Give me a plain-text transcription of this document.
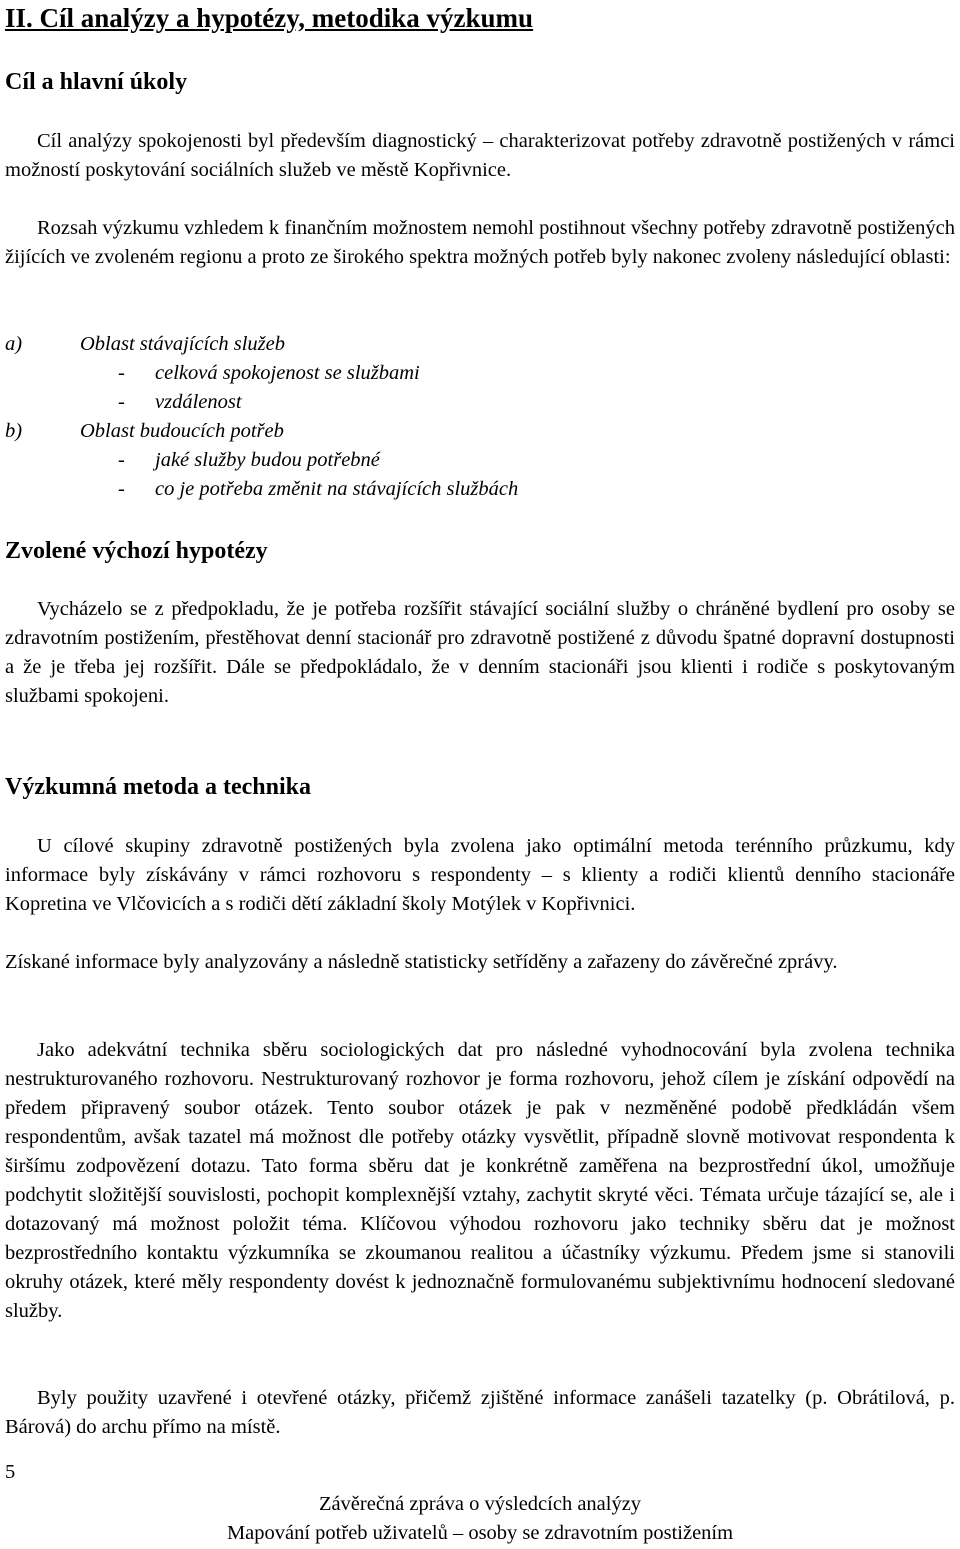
II. Cíl analýzy a hypotézy, metodika výzkumu
Cíl a hlavní úkoly

Cíl analýzy spokojenosti byl především diagnostický – charakterizovat potřeby zdravotně postižených v rámci možností poskytování sociálních služeb ve městě Kopřivnice.

Rozsah výzkumu vzhledem k finančním možnostem nemohl postihnout všechny potřeby zdravotně postižených žijících ve zvoleném regionu a proto ze širokého spektra možných potřeb byly nakonec zvoleny následující oblasti:

a)	Oblast stávajících služeb
- celková spokojenost se službami
- vzdálenost
b)	Oblast budoucích potřeb
- jaké služby budou potřebné
- co je potřeba změnit na stávajících službách
Zvolené výchozí hypotézy

Vycházelo se z předpokladu, že je potřeba rozšířit stávající sociální služby o chráněné bydlení pro osoby se zdravotním postižením, přestěhovat denní stacionář pro zdravotně postižené z důvodu špatné dopravní dostupnosti a že je třeba jej rozšířit. Dále se předpokládalo, že v denním stacionáři jsou klienti i rodiče s poskytovaným službami spokojeni.

Výzkumná metoda a technika

U cílové skupiny zdravotně postižených byla zvolena jako optimální metoda terénního průzkumu, kdy informace byly získávány v rámci rozhovoru s respondenty – s klienty a rodiči klientů denního stacionáře Kopretina ve Vlčovicích a s rodiči dětí základní školy Motýlek v Kopřivnici.

Získané informace byly analyzovány a následně statisticky setříděny a zařazeny do závěrečné zprávy.

Jako adekvátní technika sběru sociologických dat pro následné vyhodnocování byla zvolena technika nestrukturovaného rozhovoru. Nestrukturovaný rozhovor je forma rozhovoru, jehož cílem je získání odpovědí na předem připravený soubor otázek. Tento soubor otázek je pak v nezměněné podobě předkládán všem respondentům, avšak tazatel má možnost dle potřeby otázky vysvětlit, případně slovně motivovat respondenta k širšímu zodpovězení dotazu. Tato forma sběru dat je konkrétně zaměřena na bezprostřední úkol, umožňuje podchytit složitější souvislosti, pochopit komplexnější vztahy, zachytit skryté věci. Témata určuje tázající se, ale i dotazovaný má možnost položit téma. Klíčovou výhodou rozhovoru jako techniky sběru dat je možnost bezprostředního kontaktu výzkumníka se zkoumanou realitou a účastníky výzkumu. Předem jsme si stanovili okruhy otázek, které měly respondenty dovést k jednoznačně formulovanému subjektivnímu hodnocení sledované služby.

Byly použity uzavřené i otevřené otázky, přičemž zjištěné informace zanášeli tazatelky (p. Obrátilová, p. Bárová) do archu přímo na místě.

5
Závěrečná zpráva o výsledcích analýzy
Mapování potřeb uživatelů – osoby se zdravotním postižením
